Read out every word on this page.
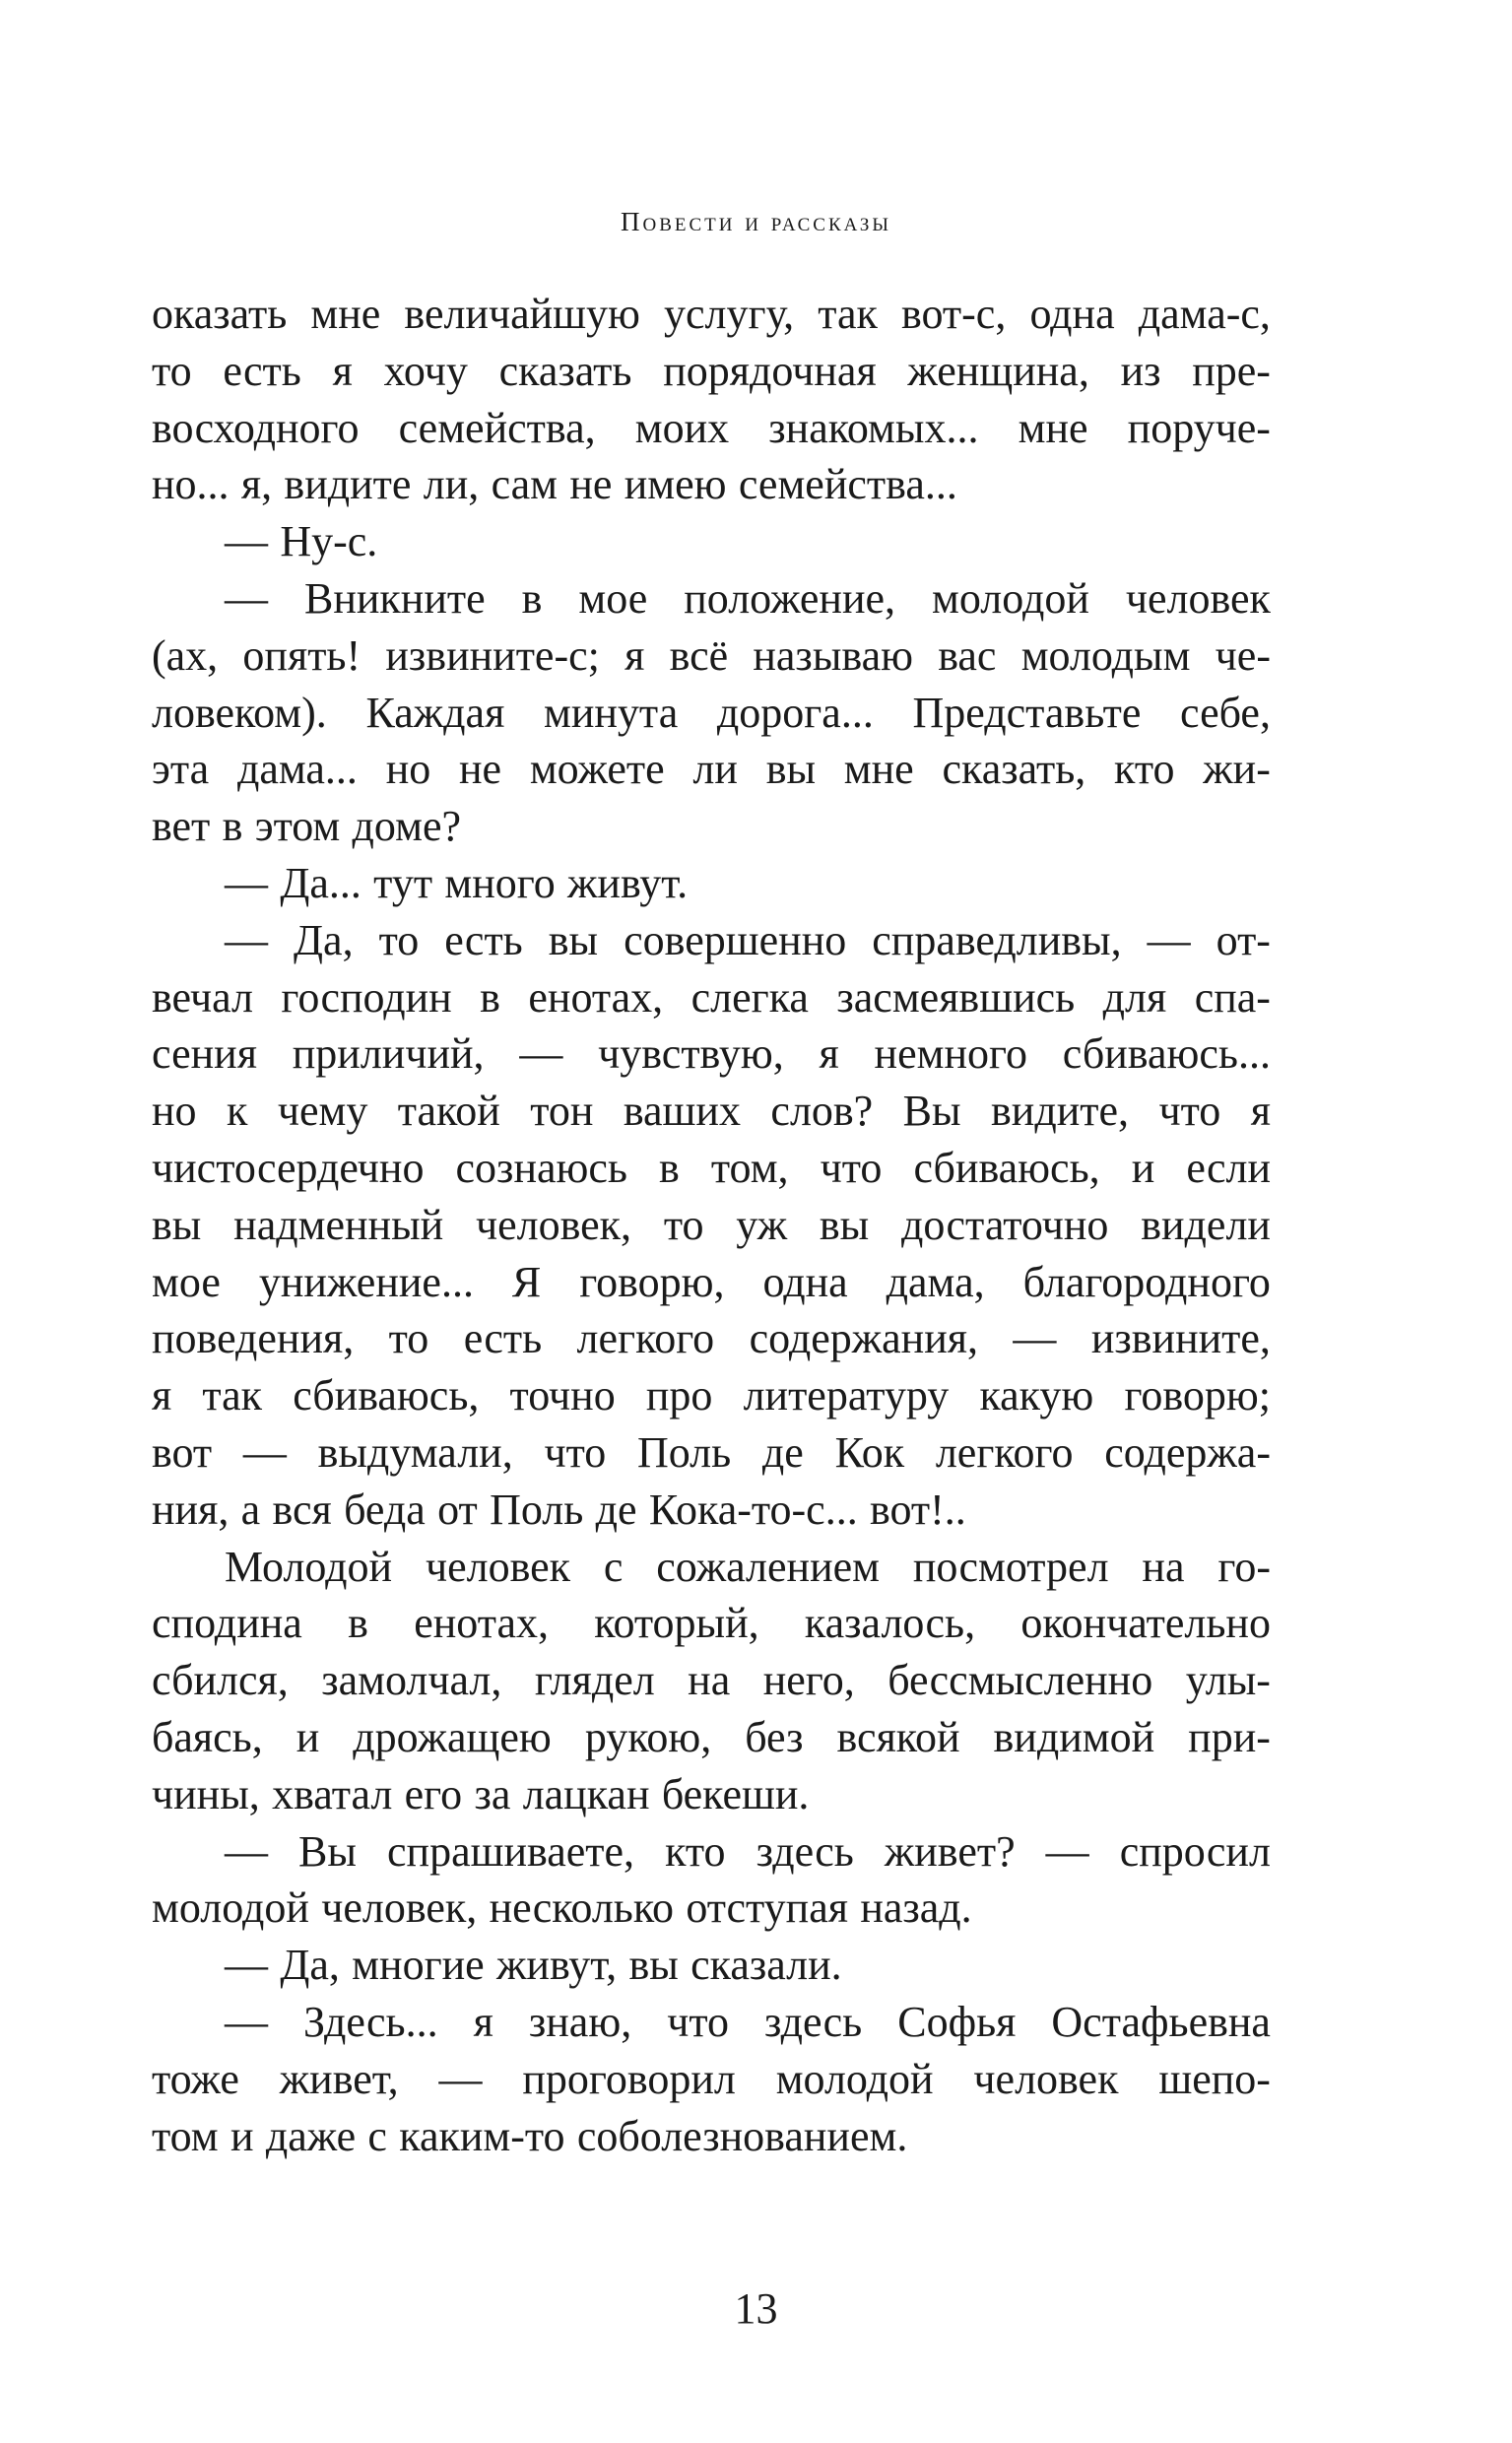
Повести и рассказы
оказать мне величайшую услугу, так вот-с, одна дама-с,
то есть я хочу сказать порядочная женщина, из пре-
восходного семейства, моих знакомых... мне поруче-
но... я, видите ли, сам не имею семейства...
— Ну-с.
— Вникните в мое положение, молодой человек
(ах, опять! извините-с; я всё называю вас молодым че-
ловеком). Каждая минута дорога... Представьте себе,
эта дама... но не можете ли вы мне сказать, кто жи-
вет в этом доме?
— Да... тут много живут.
— Да, то есть вы совершенно справедливы, — от-
вечал господин в енотах, слегка засмеявшись для спа-
сения приличий, — чувствую, я немного сбиваюсь...
но к чему такой тон ваших слов? Вы видите, что я
чистосердечно сознаюсь в том, что сбиваюсь, и если
вы надменный человек, то уж вы достаточно видели
мое унижение... Я говорю, одна дама, благородного
поведения, то есть легкого содержания, — извините,
я так сбиваюсь, точно про литературу какую говорю;
вот — выдумали, что Поль де Кок легкого содержа-
ния, а вся беда от Поль де Кока-то-с... вот!..
Молодой человек с сожалением посмотрел на го-
сподина в енотах, который, казалось, окончательно
сбился, замолчал, глядел на него, бессмысленно улы-
баясь, и дрожащею рукою, без всякой видимой при-
чины, хватал его за лацкан бекеши.
— Вы спрашиваете, кто здесь живет? — спросил
молодой человек, несколько отступая назад.
— Да, многие живут, вы сказали.
— Здесь... я знаю, что здесь Софья Остафьевна
тоже живет, — проговорил молодой человек шепо-
том и даже с каким-то соболезнованием.
13
